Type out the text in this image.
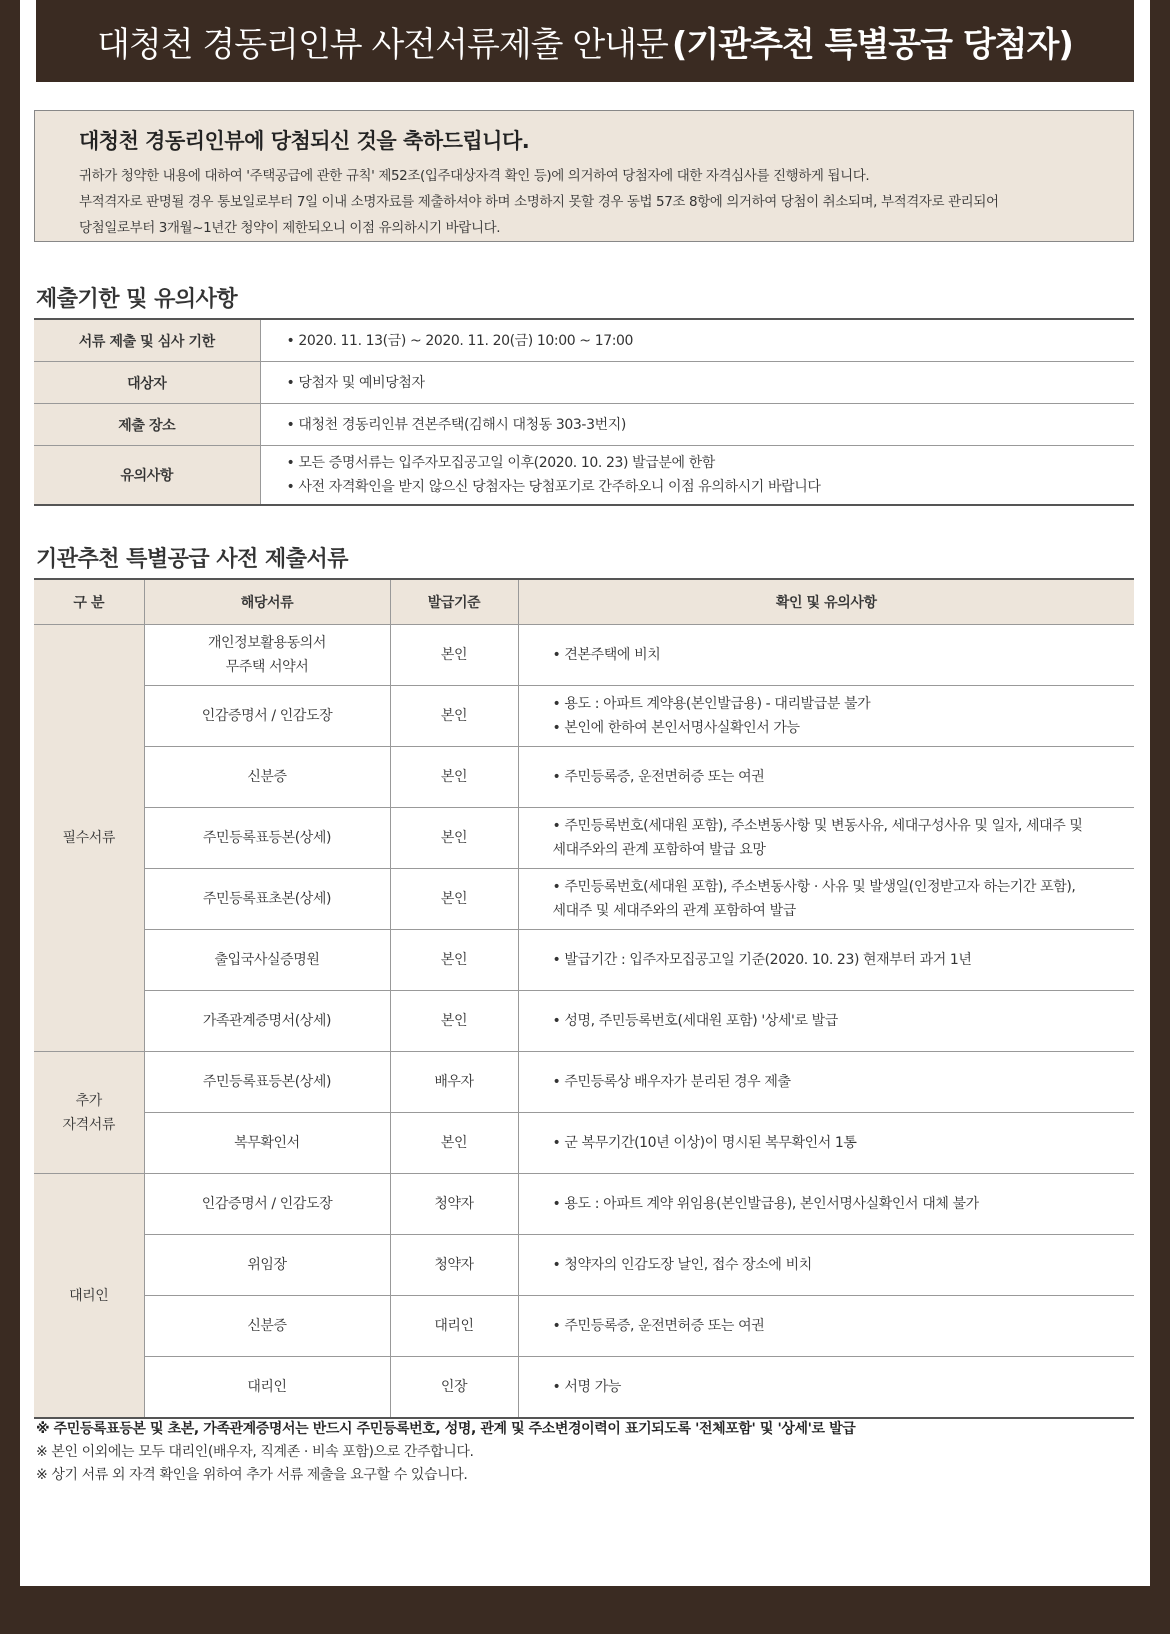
대청천 경동리인뷰 사전서류제출 안내문 (기관추천 특별공급 당첨자)
대청천 경동리인뷰에 당첨되신 것을 축하드립니다.

귀하가 청약한 내용에 대하여 '주택공급에 관한 규칙' 제52조(입주대상자격 확인 등)에 의거하여 당첨자에 대한 자격심사를 진행하게 됩니다.

부적격자로 판명될 경우 통보일로부터 7일 이내 소명자료를 제출하셔야 하며 소명하지 못할 경우 동법 57조 8항에 의거하여 당첨이 취소되며, 부적격자로 관리되어

당첨일로부터 3개월~1년간 청약이 제한되오니 이점 유의하시기 바랍니다.

제출기한 및 유의사항
서류 제출 및 심사 기한	• 2020. 11. 13(금) ~ 2020. 11. 20(금) 10:00 ~ 17:00

대상자	• 당첨자 및 예비당첨자

제출 장소	• 대청천 경동리인뷰 견본주택(김해시 대청동 303-3번지)

유의사항	• 모든 증명서류는 입주자모집공고일 이후(2020. 10. 23) 발급분에 한함
• 사전 자격확인을 받지 않으신 당첨자는 당첨포기로 간주하오니 이점 유의하시기 바랍니다
기관추천 특별공급 사전 제출서류
구 분	해당서류	발급기준	확인 및 유의사항
필수서류	개인정보활용동의서
무주택 서약서	본인	• 견본주택에 비치

	인감증명서 / 인감도장	본인	• 용도 : 아파트 계약용(본인발급용) - 대리발급분 불가
• 본인에 한하여 본인서명사실확인서 가능

	신분증	본인	• 주민등록증, 운전면허증 또는 여권

	주민등록표등본(상세)	본인	• 주민등록번호(세대원 포함), 주소변동사항 및 변동사유, 세대구성사유 및 일자, 세대주 및
세대주와의 관계 포함하여 발급 요망

	주민등록표초본(상세)	본인	• 주민등록번호(세대원 포함), 주소변동사항 · 사유 및 발생일(인정받고자 하는기간 포함),
세대주 및 세대주와의 관계 포함하여 발급

	출입국사실증명원	본인	• 발급기간 : 입주자모집공고일 기준(2020. 10. 23) 현재부터 과거 1년

	가족관계증명서(상세)	본인	• 성명, 주민등록번호(세대원 포함) '상세'로 발급

추가
자격서류	주민등록표등본(상세)	배우자	• 주민등록상 배우자가 분리된 경우 제출

	복무확인서	본인	• 군 복무기간(10년 이상)이 명시된 복무확인서 1통

대리인	인감증명서 / 인감도장	청약자	• 용도 : 아파트 계약 위임용(본인발급용), 본인서명사실확인서 대체 불가

	위임장	청약자	• 청약자의 인감도장 날인, 접수 장소에 비치

	신분증	대리인	• 주민등록증, 운전면허증 또는 여권

	대리인	인장	• 서명 가능
※ 주민등록표등본 및 초본, 가족관계증명서는 반드시 주민등록번호, 성명, 관계 및 주소변경이력이 표기되도록 '전체포함' 및 '상세'로 발급
※ 본인 이외에는 모두 대리인(배우자, 직계존 · 비속 포함)으로 간주합니다.
※ 상기 서류 외 자격 확인을 위하여 추가 서류 제출을 요구할 수 있습니다.
